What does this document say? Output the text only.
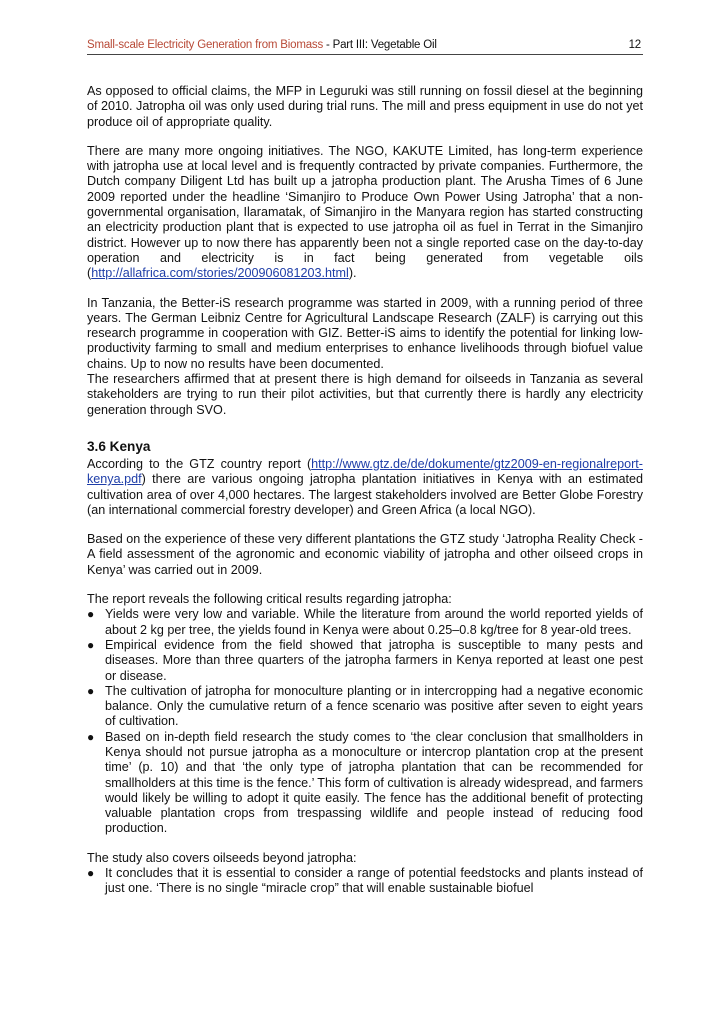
Small-scale Electricity Generation from Biomass - Part III: Vegetable Oil	12

As opposed to official claims, the MFP in Leguruki was still running on fossil diesel at the beginning of 2010. Jatropha oil was only used during trial runs. The mill and press equipment in use do not yet produce oil of appropriate quality.

There are many more ongoing initiatives. The NGO, KAKUTE Limited, has long-term experience with jatropha use at local level and is frequently contracted by private companies. Furthermore, the Dutch company Diligent Ltd has built up a jatropha production plant. The Arusha Times of 6 June 2009 reported under the headline ‘Simanjiro to Produce Own Power Using Jatropha’ that a non-governmental organisation, Ilaramatak, of Simanjiro in the Manyara region has started constructing an electricity production plant that is expected to use jatropha oil as fuel in Terrat in the Simanjiro district. However up to now there has apparently been not a single reported case on the day-to-day operation and electricity is in fact being generated from vegetable oils (http://allafrica.com/stories/200906081203.html).

In Tanzania, the Better-iS research programme was started in 2009, with a running period of three years. The German Leibniz Centre for Agricultural Landscape Research (ZALF) is carrying out this research programme in cooperation with GIZ. Better-iS aims to identify the potential for linking low-productivity farming to small and medium enterprises to enhance livelihoods through biofuel value chains. Up to now no results have been documented.

The researchers affirmed that at present there is high demand for oilseeds in Tanzania as several stakeholders are trying to run their pilot activities, but that currently there is hardly any electricity generation through SVO.

3.6 Kenya

According to the GTZ country report (http://www.gtz.de/de/dokumente/gtz2009-en-regionalreport-kenya.pdf) there are various ongoing jatropha plantation initiatives in Kenya with an estimated cultivation area of over 4,000 hectares. The largest stakeholders involved are Better Globe Forestry (an international commercial forestry developer) and Green Africa (a local NGO).

Based on the experience of these very different plantations the GTZ study ‘Jatropha Reality Check - A field assessment of the agronomic and economic viability of jatropha and other oilseed crops in Kenya’ was carried out in 2009.

The report reveals the following critical results regarding jatropha:

● Yields were very low and variable. While the literature from around the world reported yields of about 2 kg per tree, the yields found in Kenya were about 0.25–0.8 kg/tree for 8 year-old trees.
● Empirical evidence from the field showed that jatropha is susceptible to many pests and diseases. More than three quarters of the jatropha farmers in Kenya reported at least one pest or disease.
● The cultivation of jatropha for monoculture planting or in intercropping had a negative economic balance. Only the cumulative return of a fence scenario was positive after seven to eight years of cultivation.
● Based on in-depth field research the study comes to ‘the clear conclusion that smallholders in Kenya should not pursue jatropha as a monoculture or intercrop plantation crop at the present time’ (p. 10) and that ‘the only type of jatropha plantation that can be recommended for smallholders at this time is the fence.’ This form of cultivation is already widespread, and farmers would likely be willing to adopt it quite easily. The fence has the additional benefit of protecting valuable plantation crops from trespassing wildlife and people instead of reducing food production.

The study also covers oilseeds beyond jatropha:

● It concludes that it is essential to consider a range of potential feedstocks and plants instead of just one. ‘There is no single “miracle crop” that will enable sustainable biofuel
